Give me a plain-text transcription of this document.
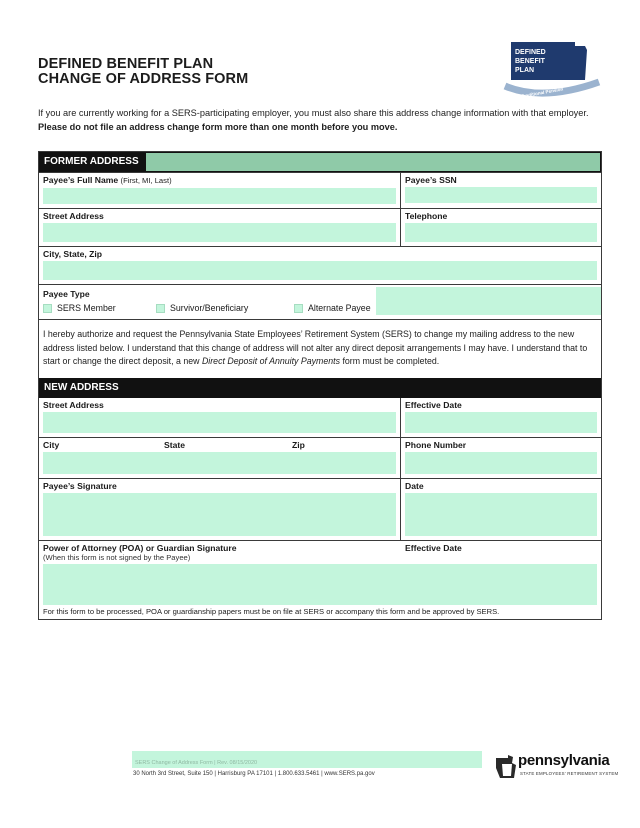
DEFINED BENEFIT PLAN
CHANGE OF ADDRESS FORM
DEFINED
BENEFIT
PLAN
Traditional Pension
If you are currently working for a SERS-participating employer, you must also share this address change information with that employer. Please do not file an address change form more than one month before you move.
FORMER ADDRESS
Payee’s Full Name (First, MI, Last)	Payee’s SSN
Street Address	Telephone
City, State, Zip
Payee Type
SERS Member	Survivor/Beneficiary	Alternate Payee
I hereby authorize and request the Pennsylvania State Employees’ Retirement System (SERS) to change my mailing address to the new address listed below. I understand that this change of address will not alter any direct deposit arrangements I may have. I understand that to start or change the direct deposit, a new Direct Deposit of Annuity Payments form must be completed.
NEW ADDRESS
Street Address	Effective Date
City	State	Zip	Phone Number
Payee’s Signature	Date
Power of Attorney (POA) or Guardian Signature
(When this form is not signed by the Payee)
Effective Date
For this form to be processed, POA or guardianship papers must be on file at SERS or accompany this form and be approved by SERS.
SERS Change of Address Form | Rev. 08/15/2020
30 North 3rd Street, Suite 150 | Harrisburg PA 17101 | 1.800.633.5461 | www.SERS.pa.gov
pennsylvania
STATE EMPLOYEES’ RETIREMENT SYSTEM
